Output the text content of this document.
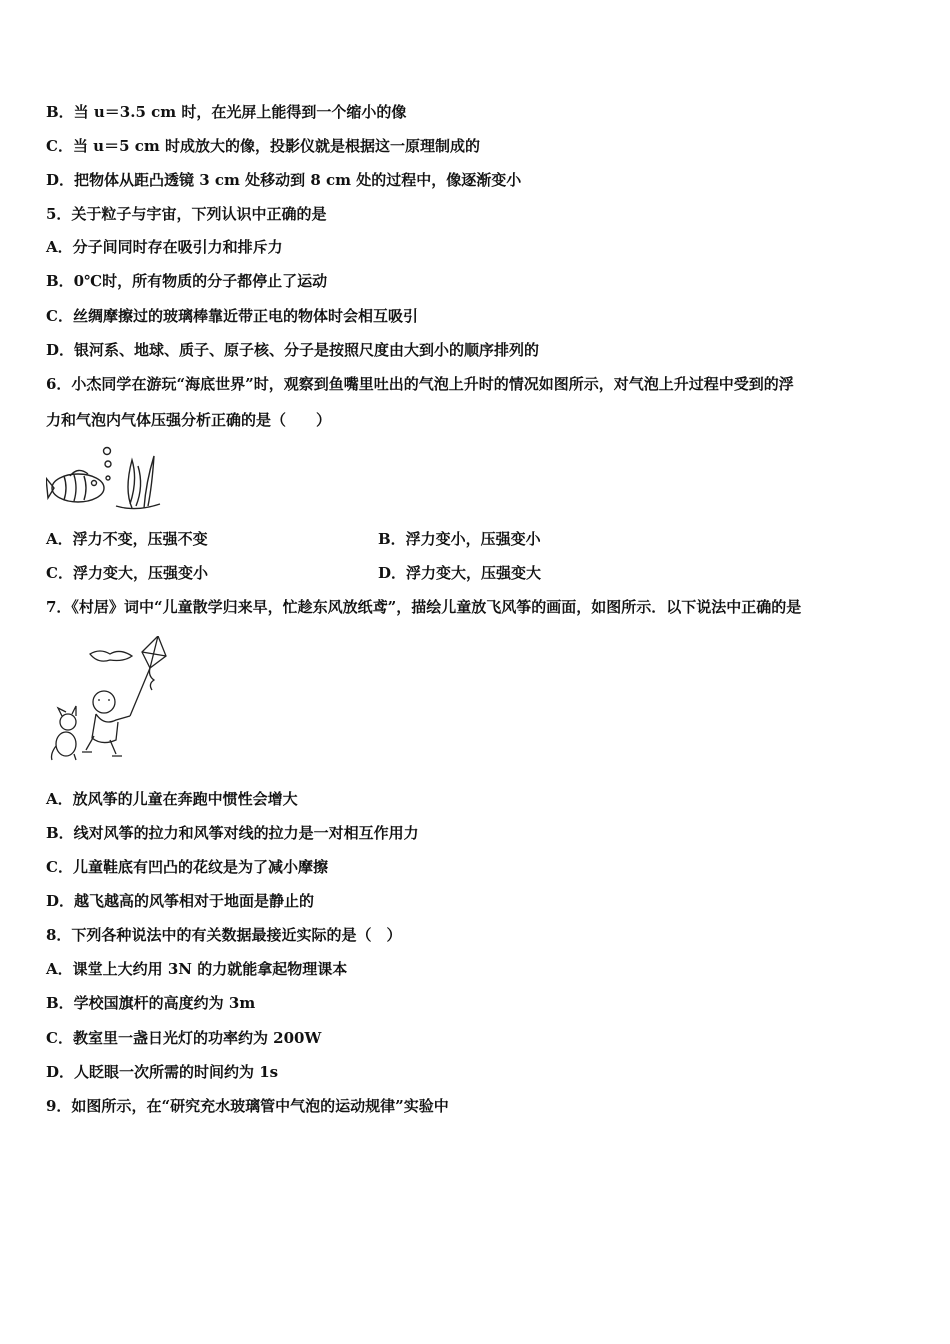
B．当 u＝3.5 cm 时，在光屏上能得到一个缩小的像
C．当 u＝5 cm 时成放大的像，投影仪就是根据这一原理制成的
D．把物体从距凸透镜 3 cm 处移动到 8 cm 处的过程中，像逐渐变小
5．关于粒子与宇宙，下列认识中正确的是
A．分子间同时存在吸引力和排斥力
B．0℃时，所有物质的分子都停止了运动
C．丝绸摩擦过的玻璃棒靠近带正电的物体时会相互吸引
D．银河系、地球、质子、原子核、分子是按照尺度由大到小的顺序排列的
6．小杰同学在游玩“海底世界”时，观察到鱼嘴里吐出的气泡上升时的情况如图所示，对气泡上升过程中受到的浮
力和气泡内气体压强分析正确的是（　　）
A．浮力不变，压强不变	B．浮力变小，压强变小
C．浮力变大，压强变小	D．浮力变大，压强变大
7．《村居》词中“儿童散学归来早，忙趁东风放纸鸢”，描绘儿童放飞风筝的画面，如图所示．以下说法中正确的是
A．放风筝的儿童在奔跑中惯性会增大
B．线对风筝的拉力和风筝对线的拉力是一对相互作用力
C．儿童鞋底有凹凸的花纹是为了减小摩擦
D．越飞越高的风筝相对于地面是静止的
8．下列各种说法中的有关数据最接近实际的是（　）
A．课堂上大约用 3N 的力就能拿起物理课本
B．学校国旗杆的高度约为 3m
C．教室里一盏日光灯的功率约为 200W
D．人眨眼一次所需的时间约为 1s
9．如图所示，在“研究充水玻璃管中气泡的运动规律”实验中
